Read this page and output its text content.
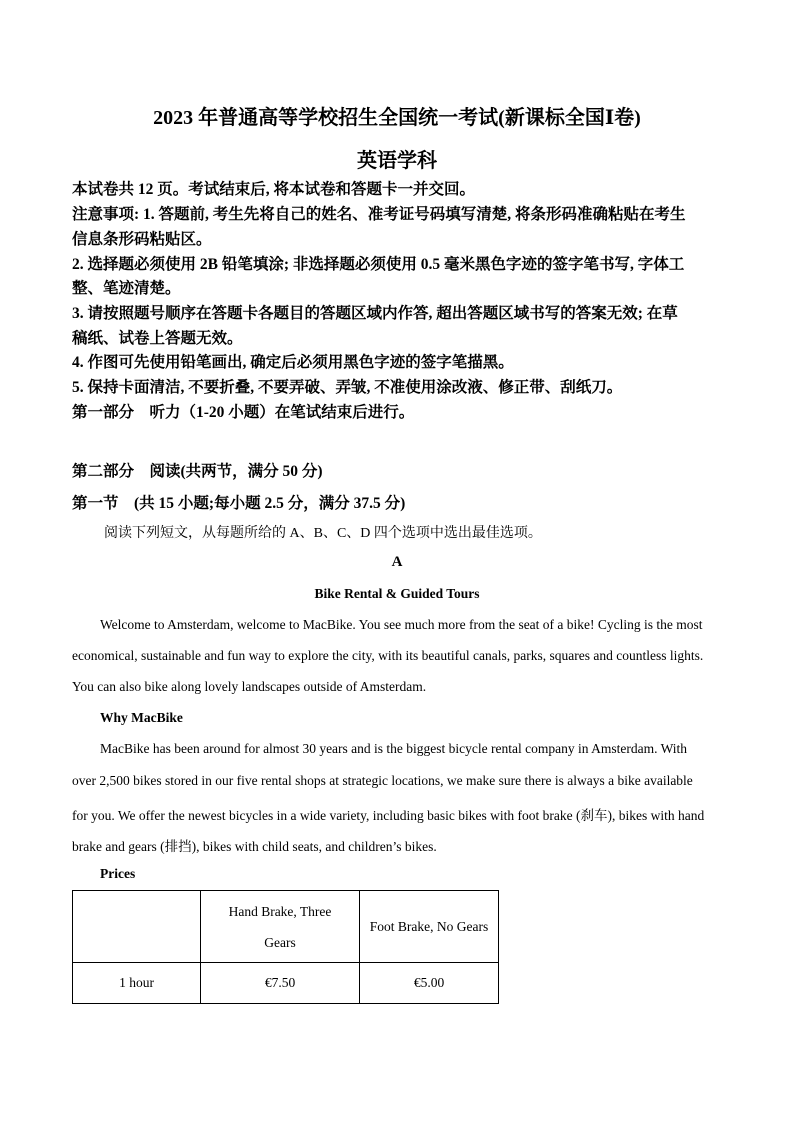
2023 年普通高等学校招生全国统一考试(新课标全国Ⅰ卷)
英语学科
本试卷共 12 页。考试结束后, 将本试卷和答题卡一并交回。
注意事项: 1. 答题前, 考生先将自己的姓名、准考证号码填写清楚, 将条形码准确粘贴在考生
信息条形码粘贴区。
2. 选择题必须使用 2B 铅笔填涂; 非选择题必须使用 0.5 毫米黑色字迹的签字笔书写, 字体工
整、笔迹清楚。
3. 请按照题号顺序在答题卡各题目的答题区域内作答, 超出答题区域书写的答案无效; 在草
稿纸、试卷上答题无效。
4. 作图可先使用铅笔画出, 确定后必须用黑色字迹的签字笔描黑。
5. 保持卡面清洁, 不要折叠, 不要弄破、弄皱, 不准使用涂改液、修正带、刮纸刀。
第一部分　听力（1-20 小题）在笔试结束后进行。
第二部分　阅读(共两节，满分 50 分)
第一节　(共 15 小题;每小题 2.5 分，满分 37.5 分)
阅读下列短文，从每题所给的 A、B、C、D 四个选项中选出最佳选项。
A
Bike Rental & Guided Tours
Welcome to Amsterdam, welcome to MacBike. You see much more from the seat of a bike! Cycling is the most
economical, sustainable and fun way to explore the city, with its beautiful canals, parks, squares and countless lights.
You can also bike along lovely landscapes outside of Amsterdam.
Why MacBike
MacBike has been around for almost 30 years and is the biggest bicycle rental company in Amsterdam. With
over 2,500 bikes stored in our five rental shops at strategic locations, we make sure there is always a bike available
for you. We offer the newest bicycles in a wide variety, including basic bikes with foot brake (刹车), bikes with hand
brake and gears (排挡), bikes with child seats, and children’s bikes.
Prices
	Hand Brake, Three Gears	Foot Brake, No Gears
1 hour	€7.50	€5.00
